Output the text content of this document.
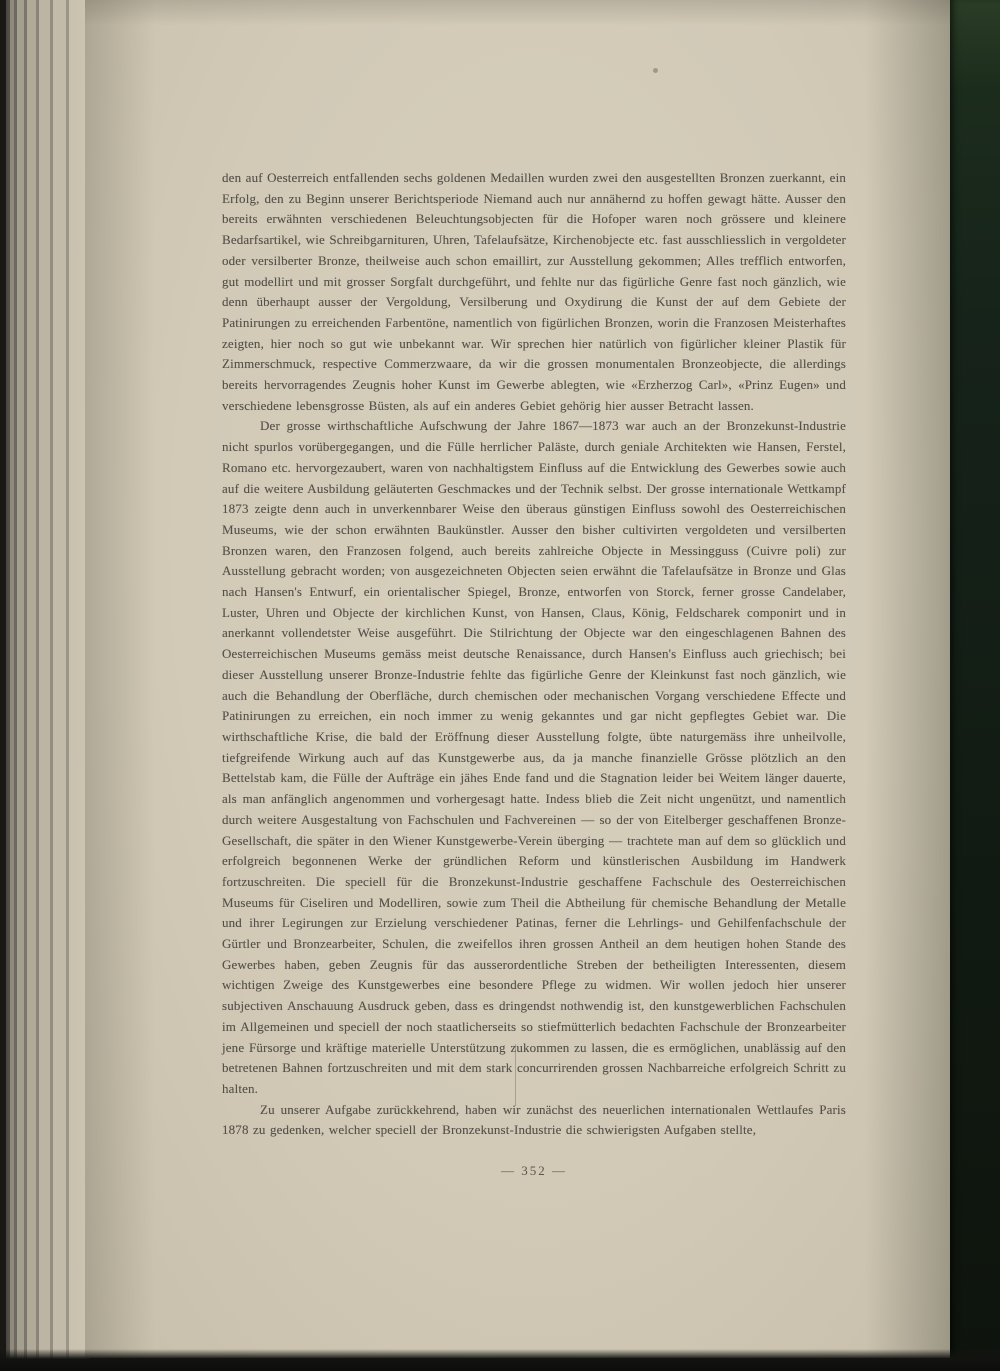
den auf Oesterreich entfallenden sechs goldenen Medaillen wurden zwei den ausgestellten Bronzen zuerkannt, ein Erfolg, den zu Beginn unserer Berichtsperiode Niemand auch nur annähernd zu hoffen gewagt hätte. Ausser den bereits erwähnten verschiedenen Beleuchtungsobjecten für die Hofoper waren noch grössere und kleinere Bedarfsartikel, wie Schreibgarnituren, Uhren, Tafelaufsätze, Kirchenobjecte etc. fast ausschliesslich in vergoldeter oder versilberter Bronze, theilweise auch schon emaillirt, zur Ausstellung gekommen; Alles trefflich entworfen, gut modellirt und mit grosser Sorgfalt durchgeführt, und fehlte nur das figürliche Genre fast noch gänzlich, wie denn überhaupt ausser der Vergoldung, Versilberung und Oxydirung die Kunst der auf dem Gebiete der Patinirungen zu erreichenden Farbentöne, namentlich von figürlichen Bronzen, worin die Franzosen Meisterhaftes zeigten, hier noch so gut wie unbekannt war. Wir sprechen hier natürlich von figürlicher kleiner Plastik für Zimmerschmuck, respective Commerzwaare, da wir die grossen monumentalen Bronzeobjecte, die allerdings bereits hervorragendes Zeugnis hoher Kunst im Gewerbe ablegten, wie «Erzherzog Carl», «Prinz Eugen» und verschiedene lebensgrosse Büsten, als auf ein anderes Gebiet gehörig hier ausser Betracht lassen.

Der grosse wirthschaftliche Aufschwung der Jahre 1867—1873 war auch an der Bronzekunst-Industrie nicht spurlos vorübergegangen, und die Fülle herrlicher Paläste, durch geniale Architekten wie Hansen, Ferstel, Romano etc. hervorgezaubert, waren von nachhaltigstem Einfluss auf die Entwicklung des Gewerbes sowie auch auf die weitere Ausbildung geläuterten Geschmackes und der Technik selbst. Der grosse internationale Wettkampf 1873 zeigte denn auch in unverkennbarer Weise den überaus günstigen Einfluss sowohl des Oesterreichischen Museums, wie der schon erwähnten Baukünstler. Ausser den bisher cultivirten vergoldeten und versilberten Bronzen waren, den Franzosen folgend, auch bereits zahlreiche Objecte in Messingguss (Cuivre poli) zur Ausstellung gebracht worden; von ausgezeichneten Objecten seien erwähnt die Tafelaufsätze in Bronze und Glas nach Hansen's Entwurf, ein orientalischer Spiegel, Bronze, entworfen von Storck, ferner grosse Candelaber, Luster, Uhren und Objecte der kirchlichen Kunst, von Hansen, Claus, König, Feldscharek componirt und in anerkannt vollendetster Weise ausgeführt. Die Stilrichtung der Objecte war den eingeschlagenen Bahnen des Oesterreichischen Museums gemäss meist deutsche Renaissance, durch Hansen's Einfluss auch griechisch; bei dieser Ausstellung unserer Bronze-Industrie fehlte das figürliche Genre der Kleinkunst fast noch gänzlich, wie auch die Behandlung der Oberfläche, durch chemischen oder mechanischen Vorgang verschiedene Effecte und Patinirungen zu erreichen, ein noch immer zu wenig gekanntes und gar nicht gepflegtes Gebiet war. Die wirthschaftliche Krise, die bald der Eröffnung dieser Ausstellung folgte, übte naturgemäss ihre unheilvolle, tiefgreifende Wirkung auch auf das Kunstgewerbe aus, da ja manche finanzielle Grösse plötzlich an den Bettelstab kam, die Fülle der Aufträge ein jähes Ende fand und die Stagnation leider bei Weitem länger dauerte, als man anfänglich angenommen und vorhergesagt hatte. Indess blieb die Zeit nicht ungenützt, und namentlich durch weitere Ausgestaltung von Fachschulen und Fachvereinen — so der von Eitelberger geschaffenen Bronze-Gesellschaft, die später in den Wiener Kunstgewerbe-Verein überging — trachtete man auf dem so glücklich und erfolgreich begonnenen Werke der gründlichen Reform und künstlerischen Ausbildung im Handwerk fortzuschreiten. Die speciell für die Bronzekunst-Industrie geschaffene Fachschule des Oesterreichischen Museums für Ciseliren und Modelliren, sowie zum Theil die Abtheilung für chemische Behandlung der Metalle und ihrer Legirungen zur Erzielung verschiedener Patinas, ferner die Lehrlings- und Gehilfenfachschule der Gürtler und Bronzearbeiter, Schulen, die zweifellos ihren grossen Antheil an dem heutigen hohen Stande des Gewerbes haben, geben Zeugnis für das ausserordentliche Streben der betheiligten Interessenten, diesem wichtigen Zweige des Kunstgewerbes eine besondere Pflege zu widmen. Wir wollen jedoch hier unserer subjectiven Anschauung Ausdruck geben, dass es dringendst nothwendig ist, den kunstgewerblichen Fachschulen im Allgemeinen und speciell der noch staatlicherseits so stiefmütterlich bedachten Fachschule der Bronzearbeiter jene Fürsorge und kräftige materielle Unterstützung zukommen zu lassen, die es ermöglichen, unablässig auf den betretenen Bahnen fortzuschreiten und mit dem stark concurrirenden grossen Nachbarreiche erfolgreich Schritt zu halten.

Zu unserer Aufgabe zurückkehrend, haben wir zunächst des neuerlichen internationalen Wettlaufes Paris 1878 zu gedenken, welcher speciell der Bronzekunst-Industrie die schwierigsten Aufgaben stellte,

— 352 —
